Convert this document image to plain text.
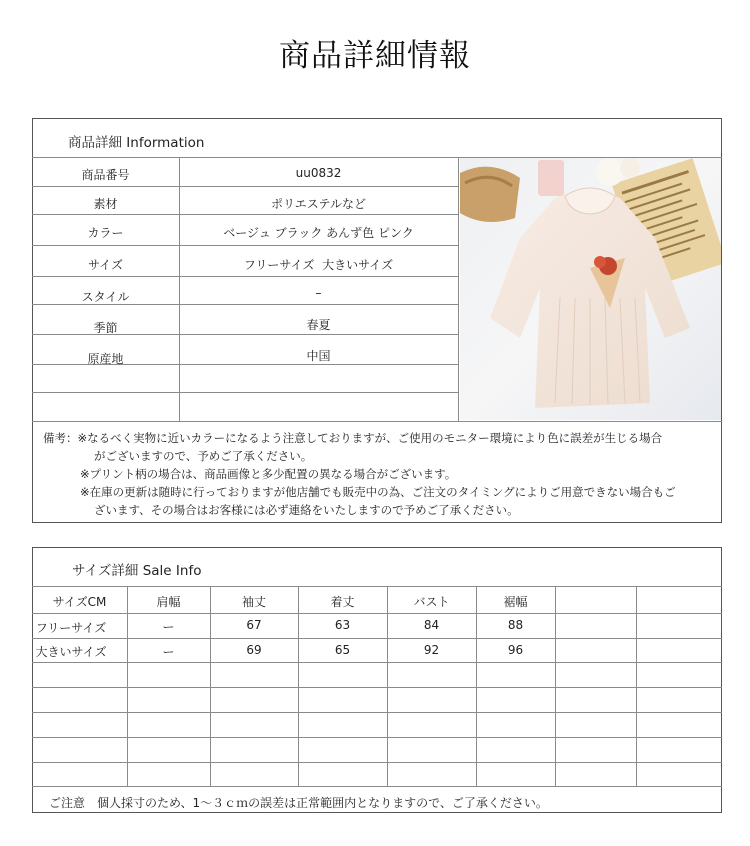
商品詳細情報
商品詳細 Information
商品番号	uu0832
素材	ポリエステルなど
カラー	ベージュ ブラック あんず色 ピンク
サイズ	フリーサイズ  大きいサイズ
スタイル	–
季節	春夏
原産地	中国
備考：※なるべく実物に近いカラーになるよう注意しておりますが、ご使用のモニター環境により色に誤差が生じる場合
がございますので、予めご了承ください。
※プリント柄の場合は、商品画像と多少配置の異なる場合がございます。
※在庫の更新は随時に行っておりますが他店舗でも販売中の為、ご注文のタイミングによりご用意できない場合もご
ざいます、その場合はお客様には必ず連絡をいたしますので予めご了承ください。
サイズ詳細 Sale Info
サイズCM	肩幅	袖丈	着丈	バスト	裾幅
フリーサイズ	ー	67	63	84	88
大きいサイズ	ー	69	65	92	96
ご注意　個人採寸のため、1～３ｃｍの誤差は正常範囲内となりますので、ご了承ください。
